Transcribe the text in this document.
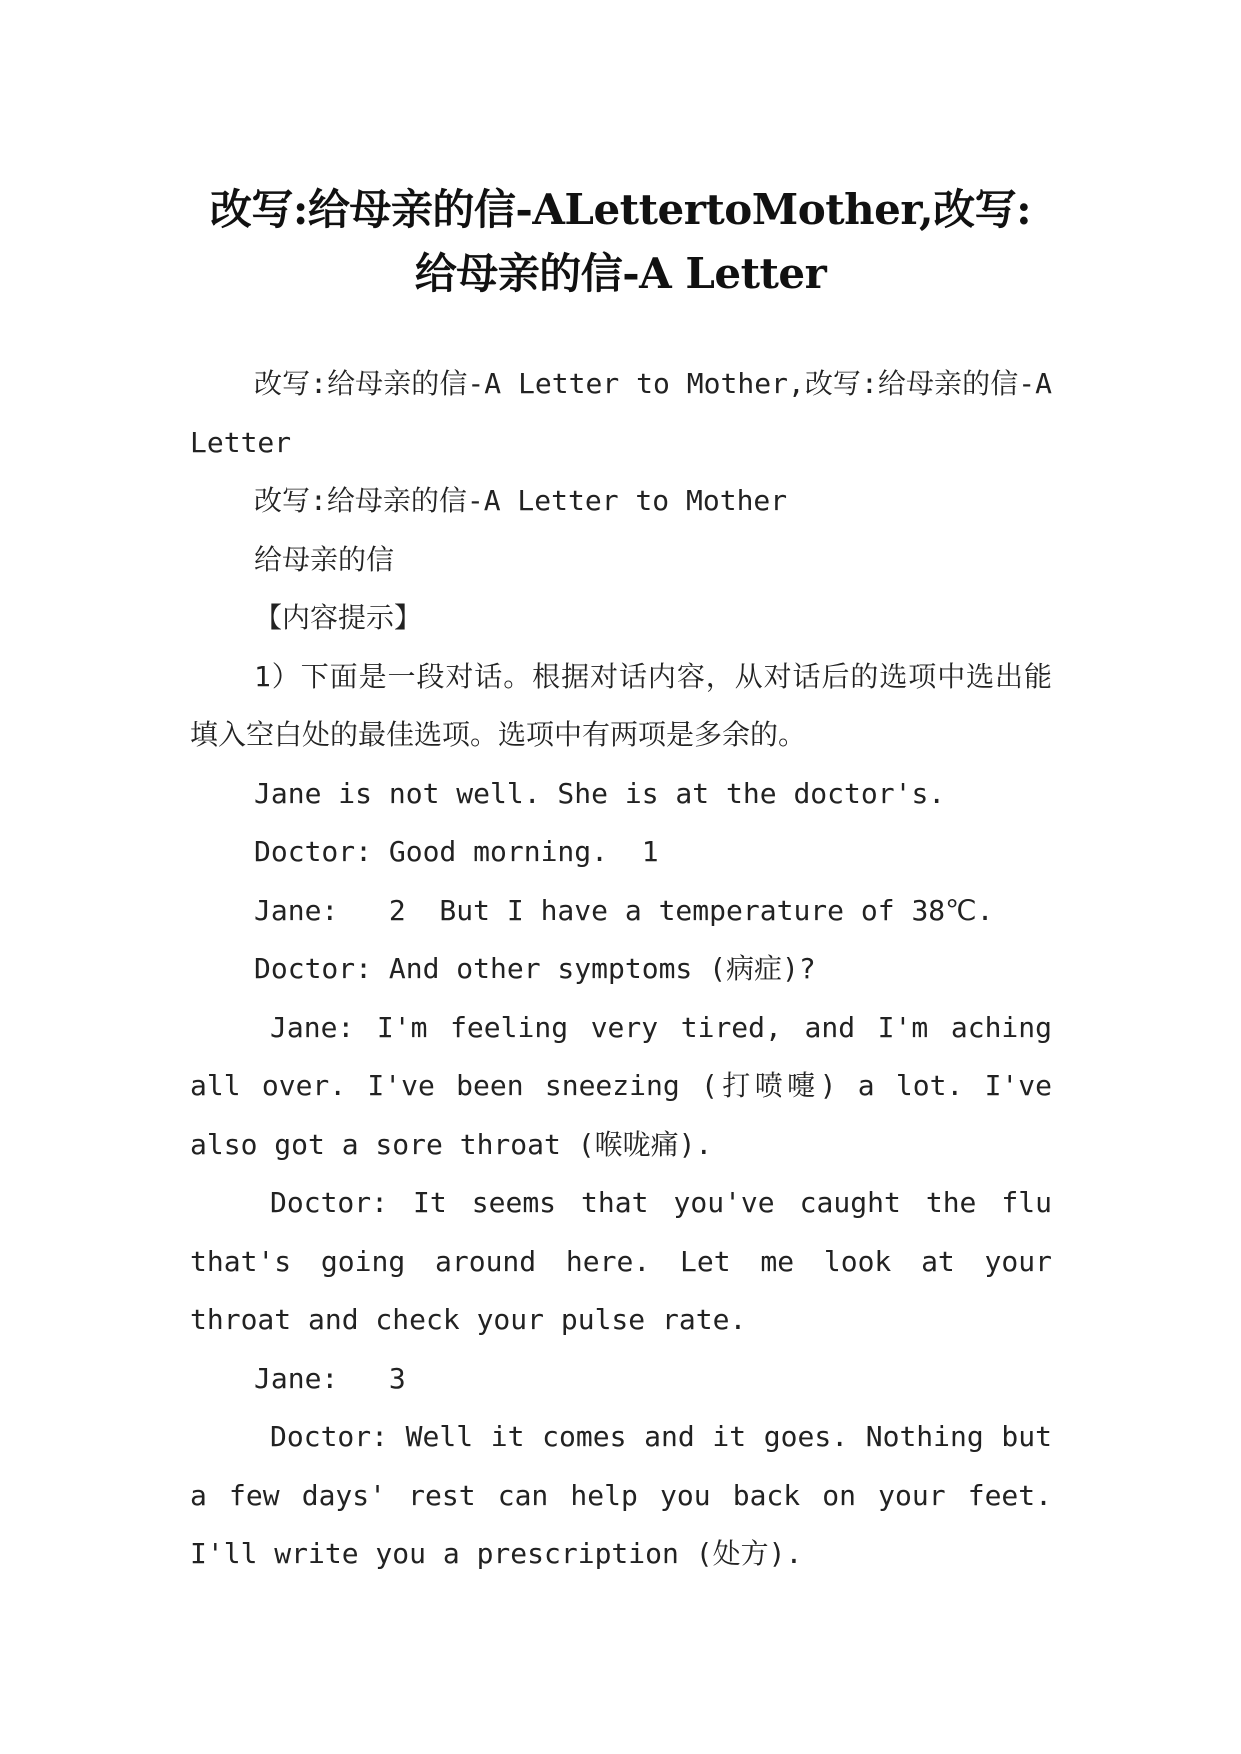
改写:给母亲的信-ALettertoMother,改写:
给母亲的信-A Letter

改写:给母亲的信-A Letter to Mother,改写:给母亲的信-A Letter

改写:给母亲的信-A Letter to Mother

给母亲的信

【内容提示】

1）下面是一段对话。根据对话内容，从对话后的选项中选出能填入空白处的最佳选项。选项中有两项是多余的。

Jane is not well. She is at the doctor's.

Doctor: Good morning.  1

Jane:   2  But I have a temperature of 38℃.

Doctor: And other symptoms (病症)?

Jane: I'm feeling very tired, and I'm aching all over. I've been sneezing (打喷嚏) a lot. I've also got a sore throat (喉咙痛).

Doctor: It seems that you've caught the flu that's going around here. Let me look at your throat and check your pulse rate.

Jane:   3

Doctor: Well it comes and it goes. Nothing but a few days' rest can help you back on your feet. I'll write you a prescription (处方).
